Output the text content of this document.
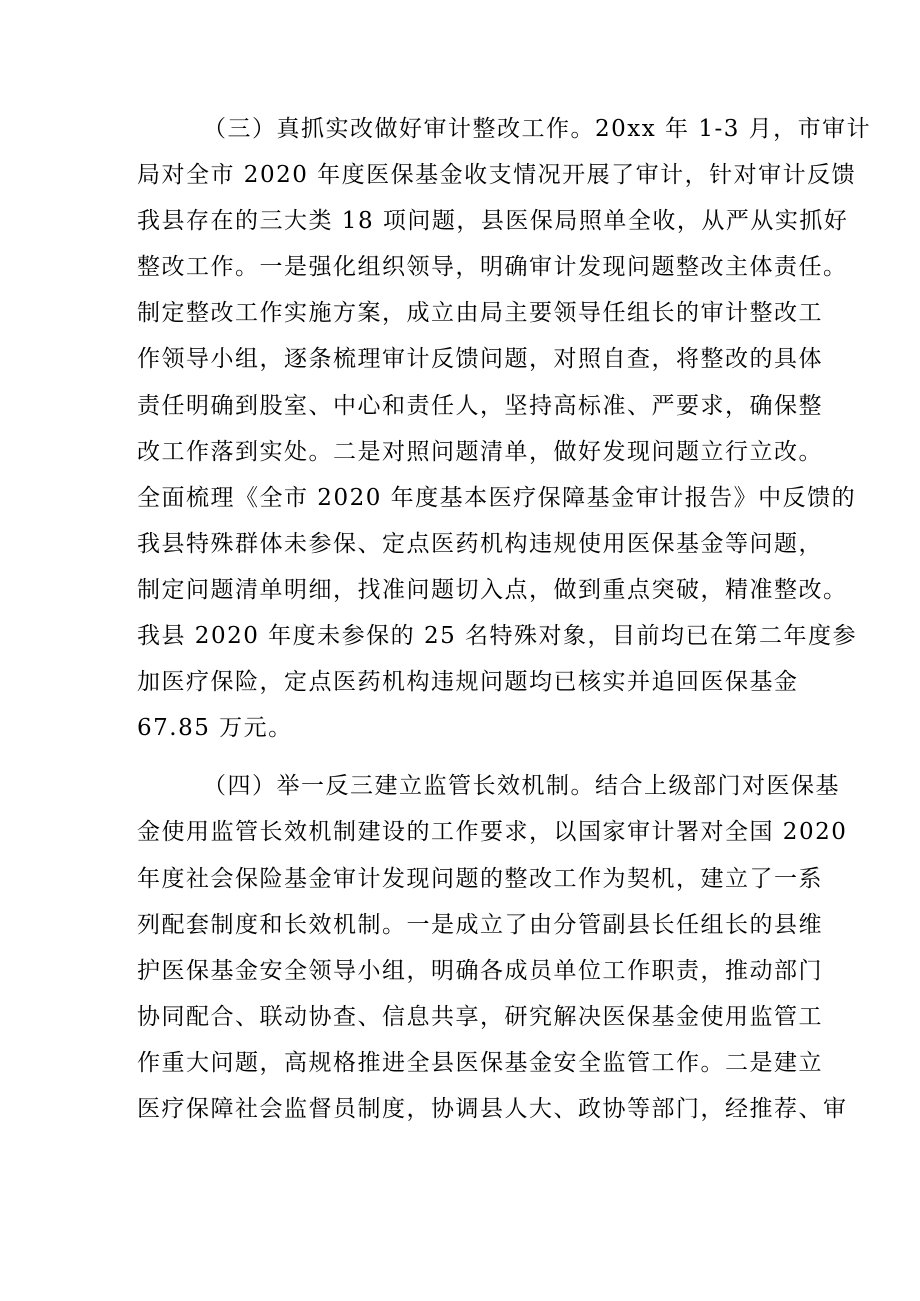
（三）真抓实改做好审计整改工作。20xx 年 1-3 月，市审计
局对全市 2020 年度医保基金收支情况开展了审计，针对审计反馈
我县存在的三大类 18 项问题，县医保局照单全收，从严从实抓好
整改工作。一是强化组织领导，明确审计发现问题整改主体责任。
制定整改工作实施方案，成立由局主要领导任组长的审计整改工
作领导小组，逐条梳理审计反馈问题，对照自查，将整改的具体
责任明确到股室、中心和责任人，坚持高标准、严要求，确保整
改工作落到实处。二是对照问题清单，做好发现问题立行立改。
全面梳理《全市 2020 年度基本医疗保障基金审计报告》中反馈的
我县特殊群体未参保、定点医药机构违规使用医保基金等问题，
制定问题清单明细，找准问题切入点，做到重点突破，精准整改。
我县 2020 年度未参保的 25 名特殊对象，目前均已在第二年度参
加医疗保险，定点医药机构违规问题均已核实并追回医保基金
67.85 万元。
（四）举一反三建立监管长效机制。结合上级部门对医保基
金使用监管长效机制建设的工作要求，以国家审计署对全国 2020
年度社会保险基金审计发现问题的整改工作为契机，建立了一系
列配套制度和长效机制。一是成立了由分管副县长任组长的县维
护医保基金安全领导小组，明确各成员单位工作职责，推动部门
协同配合、联动协查、信息共享，研究解决医保基金使用监管工
作重大问题，高规格推进全县医保基金安全监管工作。二是建立
医疗保障社会监督员制度，协调县人大、政协等部门，经推荐、审
